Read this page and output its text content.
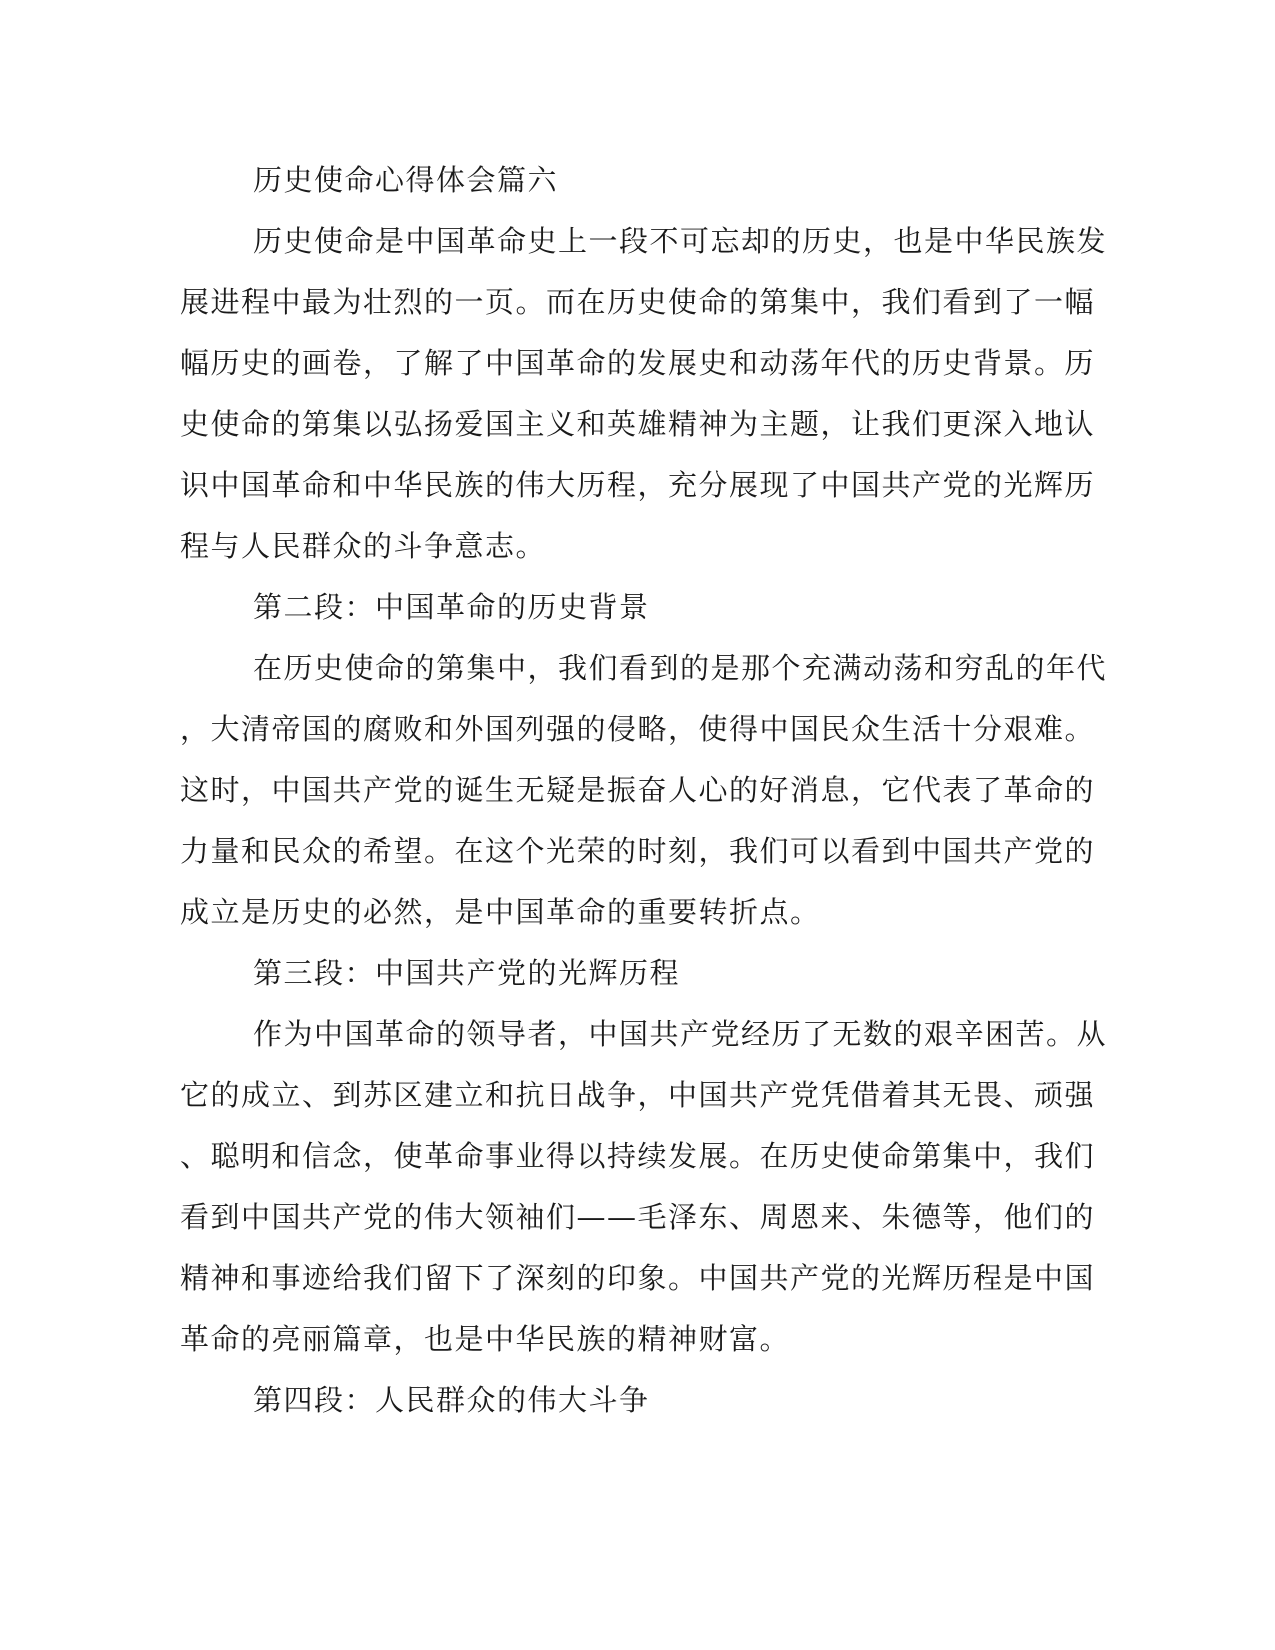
历史使命心得体会篇六
历史使命是中国革命史上一段不可忘却的历史，也是中华民族发
展进程中最为壮烈的一页。而在历史使命的第集中，我们看到了一幅
幅历史的画卷，了解了中国革命的发展史和动荡年代的历史背景。历
史使命的第集以弘扬爱国主义和英雄精神为主题，让我们更深入地认
识中国革命和中华民族的伟大历程，充分展现了中国共产党的光辉历
程与人民群众的斗争意志。
第二段：中国革命的历史背景
在历史使命的第集中，我们看到的是那个充满动荡和穷乱的年代
，大清帝国的腐败和外国列强的侵略，使得中国民众生活十分艰难。
这时，中国共产党的诞生无疑是振奋人心的好消息，它代表了革命的
力量和民众的希望。在这个光荣的时刻，我们可以看到中国共产党的
成立是历史的必然，是中国革命的重要转折点。
第三段：中国共产党的光辉历程
作为中国革命的领导者，中国共产党经历了无数的艰辛困苦。从
它的成立、到苏区建立和抗日战争，中国共产党凭借着其无畏、顽强
、聪明和信念，使革命事业得以持续发展。在历史使命第集中，我们
看到中国共产党的伟大领袖们——毛泽东、周恩来、朱德等，他们的
精神和事迹给我们留下了深刻的印象。中国共产党的光辉历程是中国
革命的亮丽篇章，也是中华民族的精神财富。
第四段：人民群众的伟大斗争
